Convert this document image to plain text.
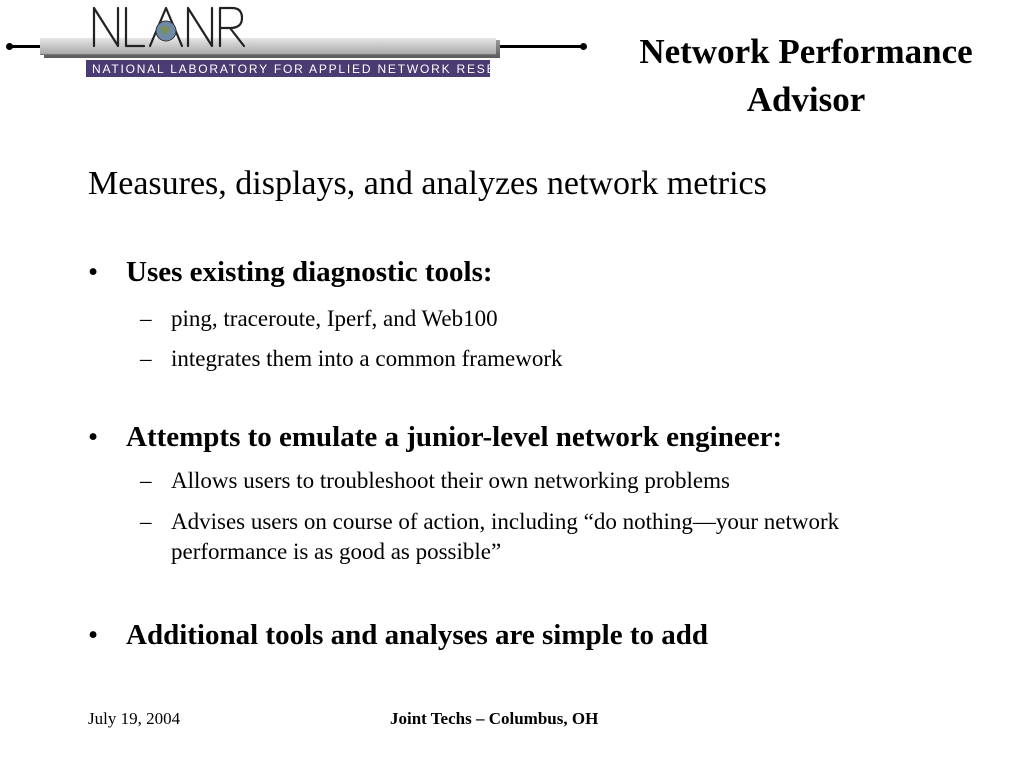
NATIONAL LABORATORY FOR APPLIED NETWORK RESEARCH	Network Performance Advisor
Measures, displays, and analyzes network metrics
• Uses existing diagnostic tools:
– ping, traceroute, Iperf, and Web100
– integrates them into a common framework
• Attempts to emulate a junior-level network engineer:
– Allows users to troubleshoot their own networking problems
– Advises users on course of action, including “do nothing—your network performance is as good as possible”
• Additional tools and analyses are simple to add
July 19, 2004	Joint Techs – Columbus, OH
